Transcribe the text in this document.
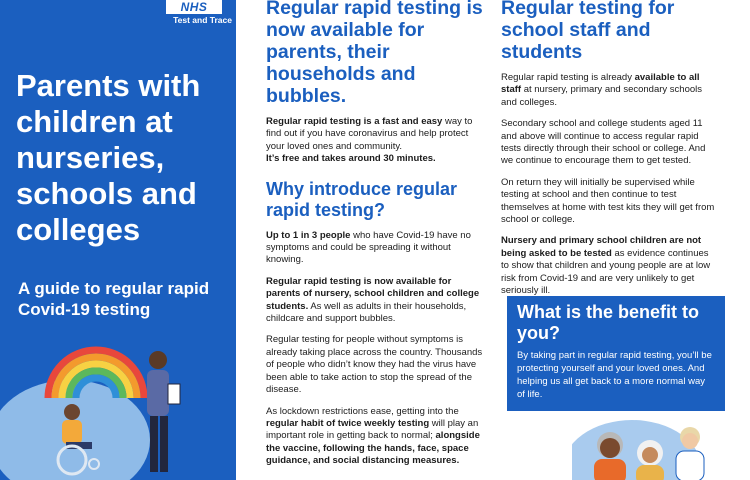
NHS
Test and Trace
Parents with children at nurseries, schools and colleges
A guide to regular rapid Covid-19 testing
Regular rapid testing is now available for parents, their households and bubbles.
Regular rapid testing is a fast and easy way to find out if you have coronavirus and help protect your loved ones and community.
It’s free and takes around 30 minutes.
Why introduce regular rapid testing?
Up to 1 in 3 people who have Covid-19 have no symptoms and could be spreading it without knowing.
Regular rapid testing is now available for parents of nursery, school children and college students. As well as adults in their households, childcare and support bubbles.
Regular testing for people without symptoms is already taking place across the country. Thousands of people who didn’t know they had the virus have been able to take action to stop the spread of the disease.
As lockdown restrictions ease, getting into the regular habit of twice weekly testing will play an important role in getting back to normal; alongside the vaccine, following the hands, face, space guidance, and social distancing measures.
Regular testing for school staff and students
Regular rapid testing is already available to all staff at nursery, primary and secondary schools and colleges.
Secondary school and college students aged 11 and above will continue to access regular rapid tests directly through their school or college. And we continue to encourage them to get tested.
On return they will initially be supervised while testing at school and then continue to test themselves at home with test kits they will get from school or college.
Nursery and primary school children are not being asked to be tested as evidence continues to show that children and young people are at low risk from Covid-19 and are very unlikely to get seriously ill.
What is the benefit to you?
By taking part in regular rapid testing, you’ll be protecting yourself and your loved ones. And helping us all get back to a more normal way of life.
